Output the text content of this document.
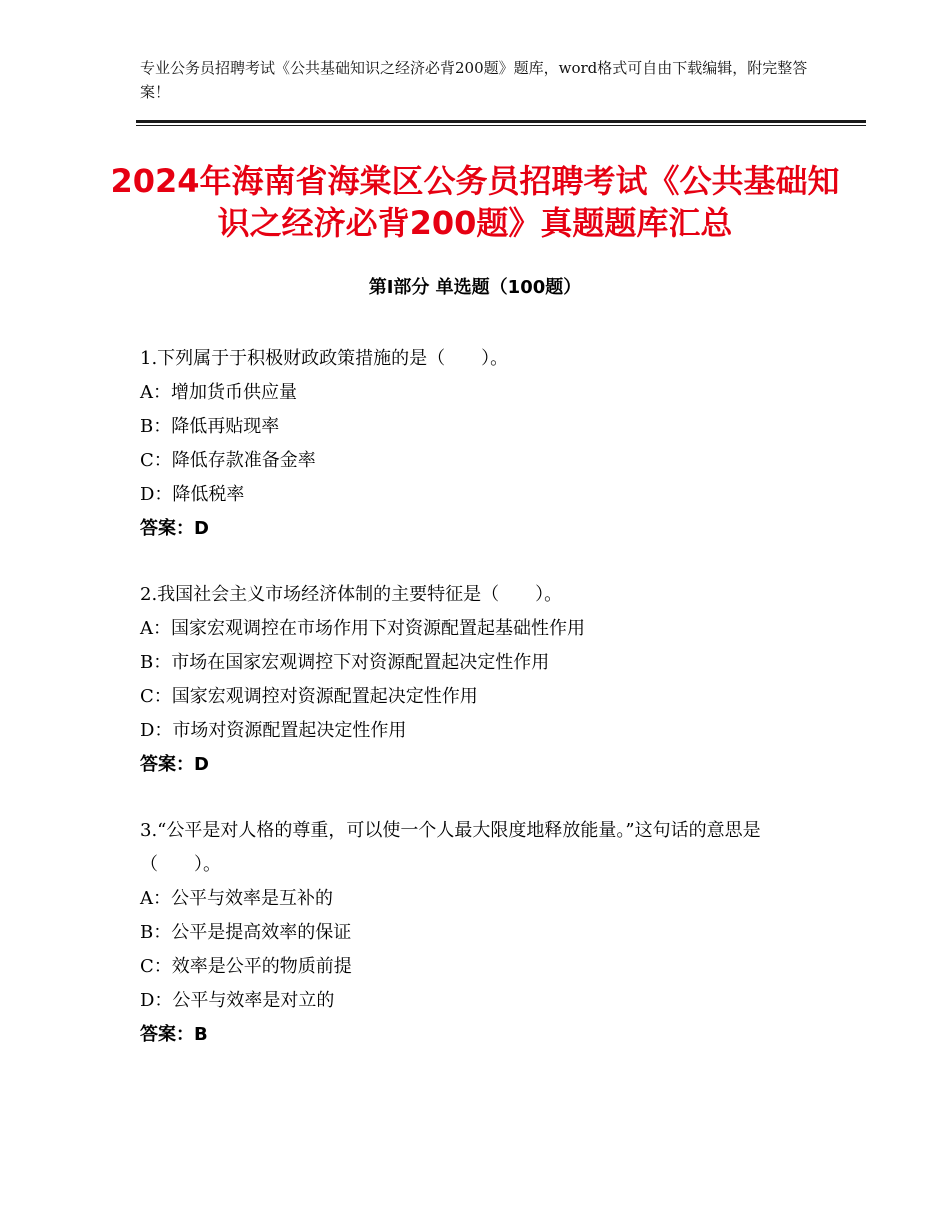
专业公务员招聘考试《公共基础知识之经济必背200题》题库，word格式可自由下载编辑，附完整答案！
2024年海南省海棠区公务员招聘考试《公共基础知识之经济必背200题》真题题库汇总
第Ⅰ部分 单选题（100题）
1.下列属于于积极财政政策措施的是（　　）。
A：增加货币供应量
B：降低再贴现率
C：降低存款准备金率
D：降低税率
答案：D
2.我国社会主义市场经济体制的主要特征是（　　）。
A：国家宏观调控在市场作用下对资源配置起基础性作用
B：市场在国家宏观调控下对资源配置起决定性作用
C：国家宏观调控对资源配置起决定性作用
D：市场对资源配置起决定性作用
答案：D
3.“公平是对人格的尊重，可以使一个人最大限度地释放能量。”这句话的意思是（　　）。
A：公平与效率是互补的
B：公平是提高效率的保证
C：效率是公平的物质前提
D：公平与效率是对立的
答案：B
